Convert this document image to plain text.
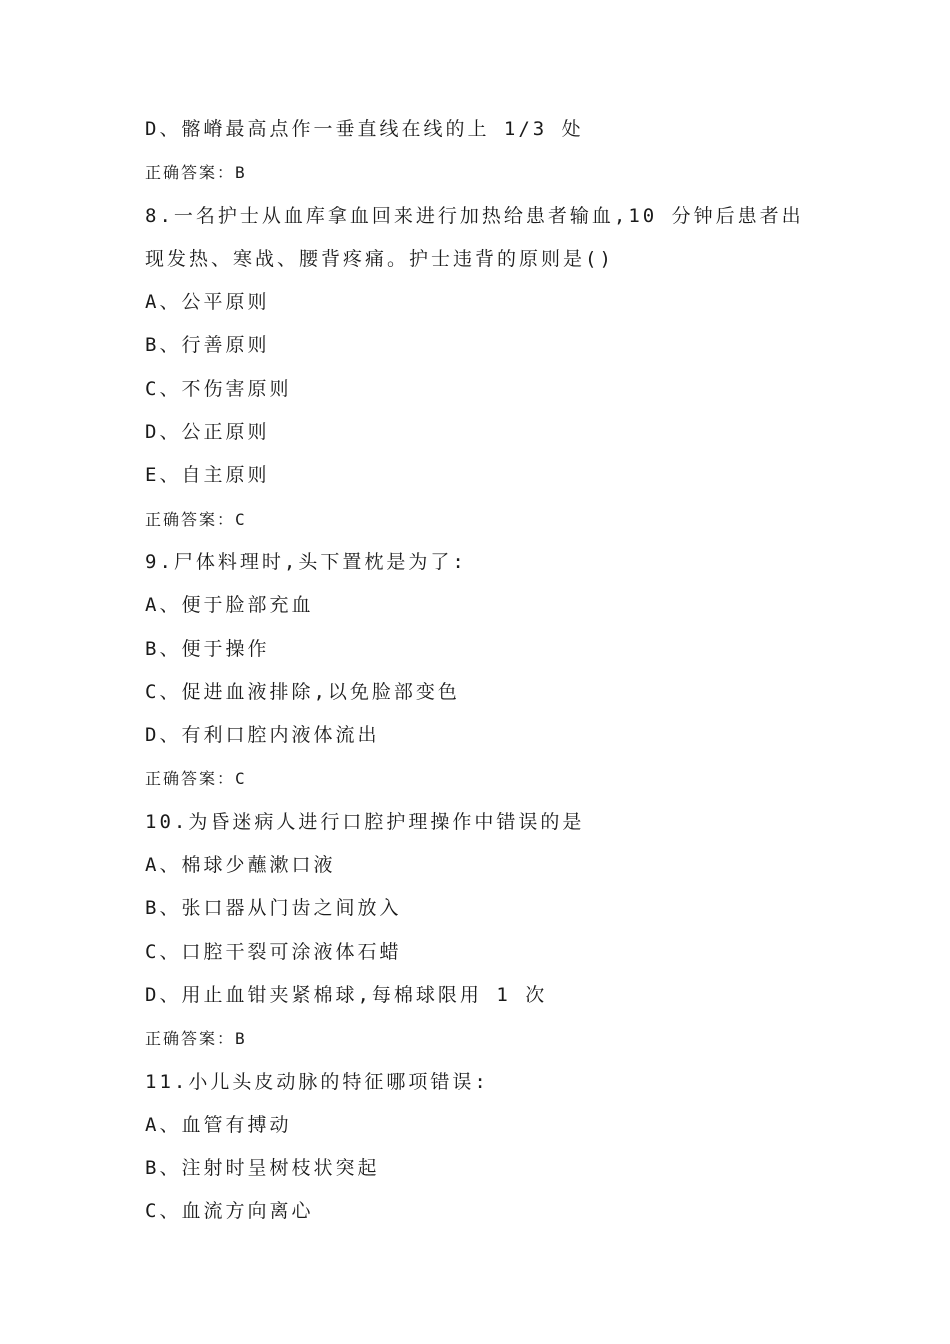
D、髂嵴最高点作一垂直线在线的上 1/3 处
正确答案：B
8.一名护士从血库拿血回来进行加热给患者输血,10 分钟后患者出
现发热、寒战、腰背疼痛。护士违背的原则是()
A、公平原则
B、行善原则
C、不伤害原则
D、公正原则
E、自主原则
正确答案：C
9.尸体料理时,头下置枕是为了:
A、便于脸部充血
B、便于操作
C、促进血液排除,以免脸部变色
D、有利口腔内液体流出
正确答案：C
10.为昏迷病人进行口腔护理操作中错误的是
A、棉球少蘸漱口液
B、张口器从门齿之间放入
C、口腔干裂可涂液体石蜡
D、用止血钳夹紧棉球,每棉球限用 1 次
正确答案：B
11.小儿头皮动脉的特征哪项错误:
A、血管有搏动
B、注射时呈树枝状突起
C、血流方向离心
